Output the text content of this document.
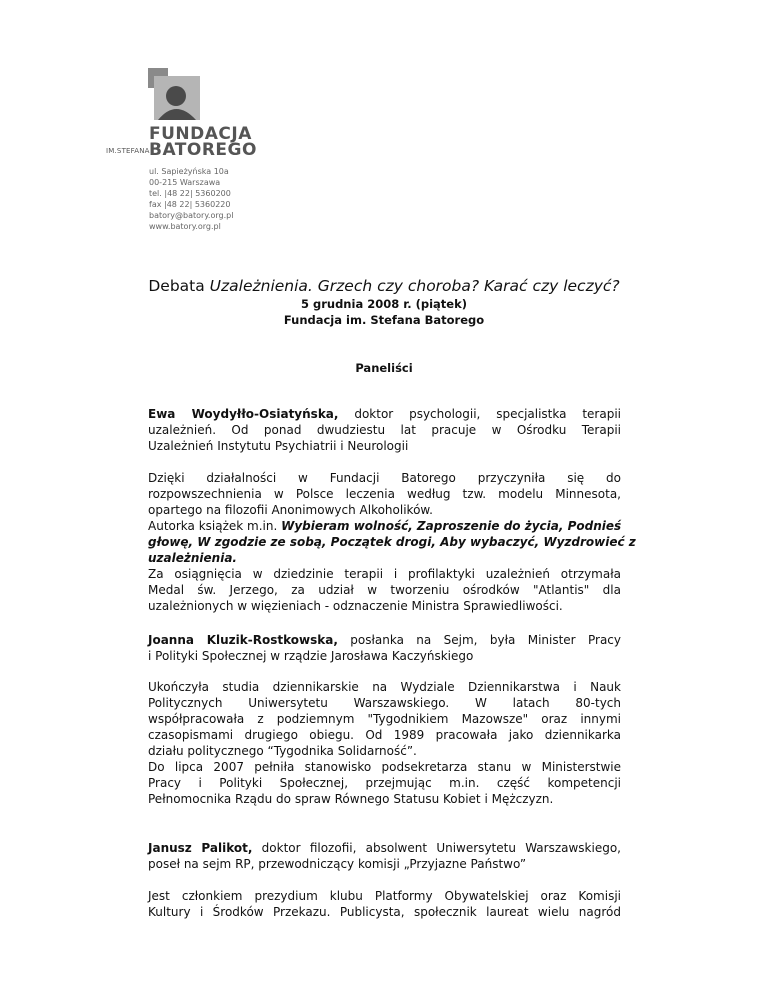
FUNDACJA
IM.STEFANA BATOREGO
ul. Sapieżyńska 10a
00-215 Warszawa
tel. |48 22| 5360200
fax |48 22| 5360220
batory@batory.org.pl
www.batory.org.pl
Debata Uzależnienia. Grzech czy choroba? Karać czy leczyć?
5 grudnia 2008 r. (piątek)
Fundacja im. Stefana Batorego
Paneliści
Ewa Woydyłło-Osiatyńska, doktor psychologii, specjalistka terapii
uzależnień. Od ponad dwudziestu lat pracuje w Ośrodku Terapii
Uzależnień Instytutu Psychiatrii i Neurologii
Dzięki działalności w Fundacji Batorego przyczyniła się do
rozpowszechnienia w Polsce leczenia według tzw. modelu Minnesota,
opartego na filozofii Anonimowych Alkoholików.
Autorka książek m.in. Wybieram wolność, Zaproszenie do życia, Podnieś
głowę, W zgodzie ze sobą, Początek drogi, Aby wybaczyć, Wyzdrowieć z
uzależnienia.
Za osiągnięcia w dziedzinie terapii i profilaktyki uzależnień otrzymała
Medal św. Jerzego, za udział w tworzeniu ośrodków "Atlantis" dla
uzależnionych w więzieniach - odznaczenie Ministra Sprawiedliwości.
Joanna Kluzik-Rostkowska, posłanka na Sejm, była Minister Pracy
i Polityki Społecznej w rządzie Jarosława Kaczyńskiego
Ukończyła studia dziennikarskie na Wydziale Dziennikarstwa i Nauk
Politycznych Uniwersytetu Warszawskiego. W latach 80-tych
współpracowała z podziemnym "Tygodnikiem Mazowsze" oraz innymi
czasopismami drugiego obiegu. Od 1989 pracowała jako dziennikarka
działu politycznego “Tygodnika Solidarność”.
Do lipca 2007 pełniła stanowisko podsekretarza stanu w Ministerstwie
Pracy i Polityki Społecznej, przejmując m.in. część kompetencji
Pełnomocnika Rządu do spraw Równego Statusu Kobiet i Mężczyzn.
Janusz Palikot, doktor filozofii, absolwent Uniwersytetu Warszawskiego,
poseł na sejm RP, przewodniczący komisji „Przyjazne Państwo”
Jest członkiem prezydium klubu Platformy Obywatelskiej oraz Komisji
Kultury i Środków Przekazu. Publicysta, społecznik laureat wielu nagród
